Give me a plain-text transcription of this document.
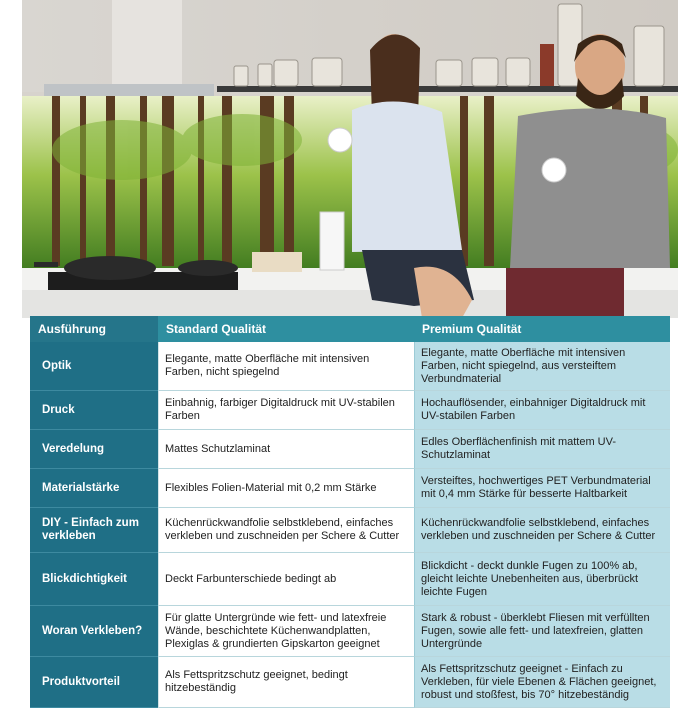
Ausführung	Standard Qualität	Premium Qualität
Optik	Elegante, matte Oberfläche mit intensiven Farben, nicht spiegelnd	Elegante, matte Oberfläche mit intensiven Farben, nicht spiegelnd, aus versteiftem Verbundmaterial
Druck	Einbahnig, farbiger Digitaldruck mit UV-stabilen Farben	Hochauflösender, einbahniger Digitaldruck mit UV-stabilen Farben
Veredelung	Mattes Schutzlaminat	Edles Oberflächenfinish mit mattem UV-Schutzlaminat
Materialstärke	Flexibles Folien-Material mit 0,2 mm Stärke	Versteiftes, hochwertiges PET Verbundmaterial mit 0,4 mm Stärke für besserte Haltbarkeit
DIY - Einfach zum verkleben	Küchenrückwandfolie selbstklebend, einfaches verkleben und zuschneiden per Schere & Cutter	Küchenrückwandfolie selbstklebend, einfaches verkleben und zuschneiden per Schere & Cutter
Blickdichtigkeit	Deckt Farbunterschiede bedingt ab	Blickdicht - deckt dunkle Fugen zu 100% ab, gleicht leichte Unebenheiten aus, überbrückt leichte Fugen
Woran Verkleben?	Für glatte Untergründe wie fett- und latexfreie Wände, beschichtete Küchenwandplatten, Plexiglas & grundierten Gipskarton geeignet	Stark & robust - überklebt Fliesen mit verfüllten Fugen, sowie alle fett- und latexfreien, glatten Untergründe
Produktvorteil	Als Fettspritzschutz geeignet, bedingt hitzebeständig	Als Fettspritzschutz geeignet - Einfach zu Verkleben, für viele Ebenen & Flächen geeignet, robust und stoßfest, bis 70° hitzebeständig
